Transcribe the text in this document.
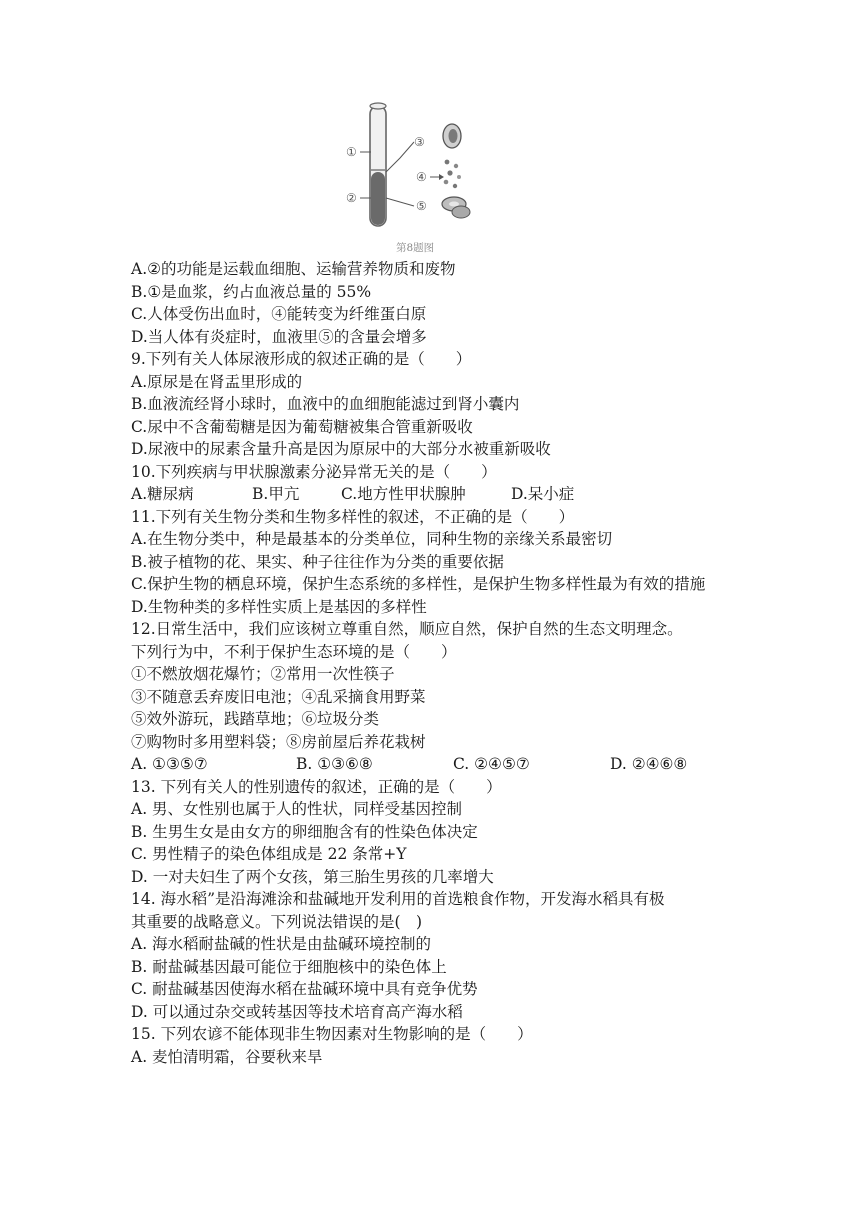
①
②
③
④
⑤
第8题图
A.②的功能是运载血细胞、运输营养物质和废物
B.①是血浆，约占血液总量的 55%
C.人体受伤出血时，④能转变为纤维蛋白原
D.当人体有炎症时，血液里⑤的含量会增多
9.下列有关人体尿液形成的叙述正确的是（　　）
A.原尿是在肾盂里形成的
B.血液流经肾小球时，血液中的血细胞能滤过到肾小囊内
C.尿中不含葡萄糖是因为葡萄糖被集合管重新吸收
D.尿液中的尿素含量升高是因为原尿中的大部分水被重新吸收
10.下列疾病与甲状腺激素分泌异常无关的是（　　）
A.糖尿病	B.甲亢	C.地方性甲状腺肿	D.呆小症
11.下列有关生物分类和生物多样性的叙述，不正确的是（　　）
A.在生物分类中，种是最基本的分类单位，同种生物的亲缘关系最密切
B.被子植物的花、果实、种子往往作为分类的重要依据
C.保护生物的栖息环境，保护生态系统的多样性，是保护生物多样性最为有效的措施
D.生物种类的多样性实质上是基因的多样性
12.日常生活中，我们应该树立尊重自然，顺应自然，保护自然的生态文明理念。
下列行为中，不利于保护生态环境的是（　　）
①不燃放烟花爆竹；②常用一次性筷子
③不随意丢弃废旧电池；④乱采摘食用野菜
⑤效外游玩，践踏草地；⑥垃圾分类
⑦购物时多用塑料袋；⑧房前屋后养花栽树
A. ①③⑤⑦	B. ①③⑥⑧	C. ②④⑤⑦	D. ②④⑥⑧
13. 下列有关人的性别遗传的叙述，正确的是（　　）
A. 男、女性别也属于人的性状，同样受基因控制
B. 生男生女是由女方的卵细胞含有的性染色体决定
C. 男性精子的染色体组成是 22 条常+Y
D. 一对夫妇生了两个女孩，第三胎生男孩的几率增大
14. 海水稻”是沿海滩涂和盐碱地开发利用的首选粮食作物，开发海水稻具有极
其重要的战略意义。下列说法错误的是(　)
A. 海水稻耐盐碱的性状是由盐碱环境控制的
B. 耐盐碱基因最可能位于细胞核中的染色体上
C. 耐盐碱基因使海水稻在盐碱环境中具有竞争优势
D. 可以通过杂交或转基因等技术培育高产海水稻
15. 下列农谚不能体现非生物因素对生物影响的是（　　）
A. 麦怕清明霜，谷要秋来旱
